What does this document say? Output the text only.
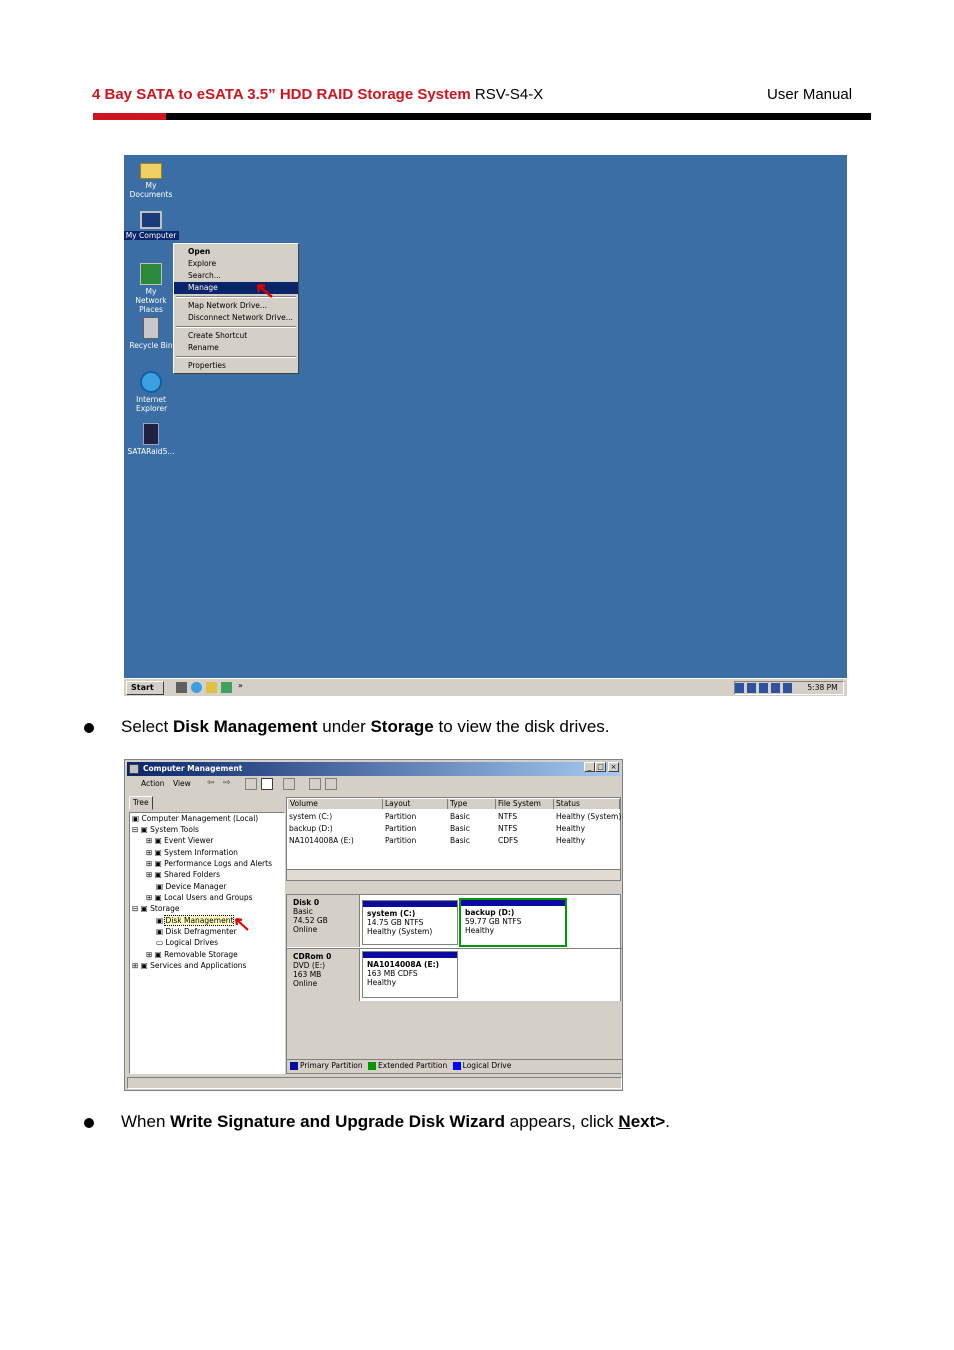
4 Bay SATA to eSATA 3.5” HDD RAID Storage System RSV-S4-X	User Manual
My Documents
My Computer
My Network Places
Recycle Bin
Internet Explorer
SATARaid5...
Open
Explore
Search...
Manage
Map Network Drive...
Disconnect Network Drive...
Create Shortcut
Rename
Properties
Start	»	5:38 PM
Select Disk Management under Storage to view the disk drives.
Computer Management	_ □ ×
Action View ⇦ ⇨
Tree
▣ Computer Management (Local)
⊟ ▣ System Tools
⊞ ▣ Event Viewer
⊞ ▣ System Information
⊞ ▣ Performance Logs and Alerts
⊞ ▣ Shared Folders
▣ Device Manager
⊞ ▣ Local Users and Groups
⊟ ▣ Storage
▣ Disk Management
▣ Disk Defragmenter
▭ Logical Drives
⊞ ▣ Removable Storage
⊞ ▣ Services and Applications
Volume	Layout	Type	File System	Status
system (C:)	Partition	Basic	NTFS	Healthy (System)
backup (D:)	Partition	Basic	NTFS	Healthy
NA1014008A (E:)	Partition	Basic	CDFS	Healthy
Disk 0
Basic
74.52 GB
Online
system (C:)
14.75 GB NTFS
Healthy (System)
backup (D:)
59.77 GB NTFS
Healthy
CDRom 0
DVD (E:)
163 MB
Online
NA1014008A (E:)
163 MB CDFS
Healthy
Primary Partition Extended Partition Logical Drive
When Write Signature and Upgrade Disk Wizard appears, click Next>.
